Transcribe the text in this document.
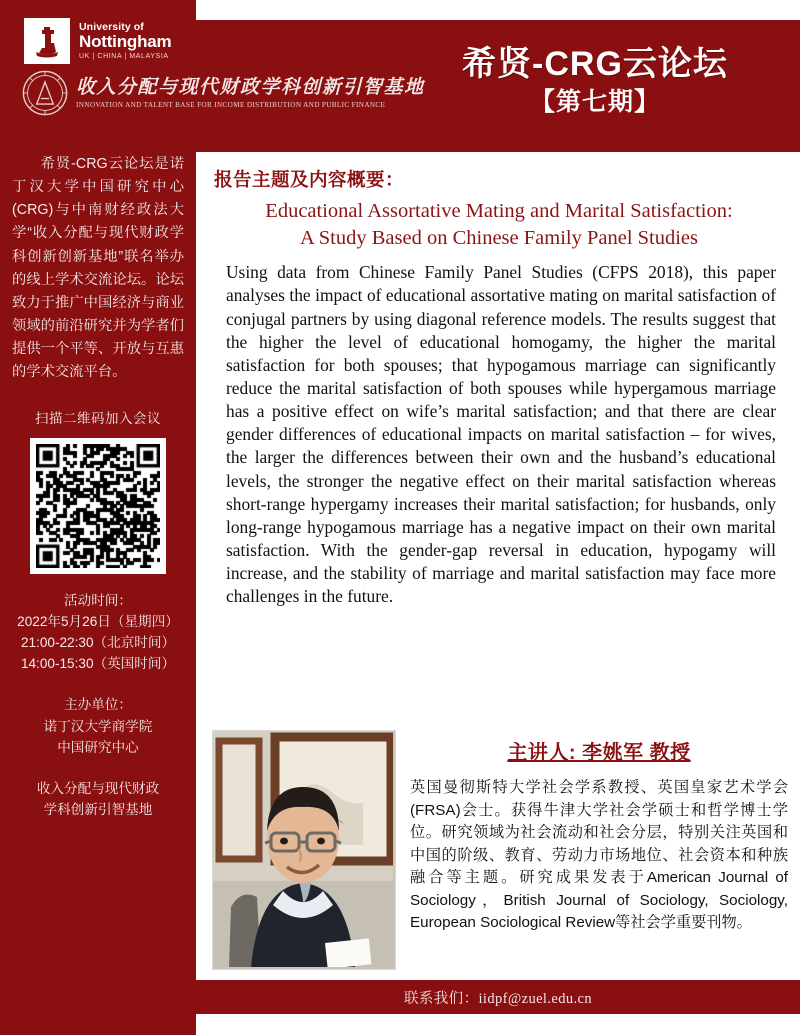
University of
Nottingham
UK | CHINA | MALAYSIA
收入分配与现代财政学科创新引智基地
INNOVATION AND TALENT BASE FOR INCOME DISTRIBUTION AND PUBLIC FINANCE
希贤-CRG云论坛
【第七期】
希贤-CRG云论坛是诺丁汉大学中国研究中心(CRG)与中南财经政法大学“收入分配与现代财政学科创新创新基地”联名举办的线上学术交流论坛。论坛致力于推广中国经济与商业领域的前沿研究并为学者们提供一个平等、开放与互惠的学术交流平台。
扫描二维码加入会议
活动时间：
2022年5月26日（星期四）
21:00-22:30（北京时间）
14:00-15:30（英国时间）
主办单位：
诺丁汉大学商学院
中国研究中心
收入分配与现代财政
学科创新引智基地
报告主题及内容概要：
Educational Assortative Mating and Marital Satisfaction:
A Study Based on Chinese Family Panel Studies
Using data from Chinese Family Panel Studies (CFPS 2018), this paper analyses the impact of educational assortative mating on marital satisfaction of conjugal partners by using diagonal reference models. The results suggest that the higher the level of educational homogamy, the higher the marital satisfaction for both spouses; that hypogamous marriage can significantly reduce the marital satisfaction of both spouses while hypergamous marriage has a positive effect on wife’s marital satisfaction; and that there are clear gender differences of educational impacts on marital satisfaction – for wives, the larger the differences between their own and the husband’s educational levels, the stronger the negative effect on their marital satisfaction whereas short-range hypergamy increases their marital satisfaction; for husbands, only long-range hypogamous marriage has a negative impact on their own marital satisfaction. With the gender-gap reversal in education, hypogamy will increase, and the stability of marriage and marital satisfaction may face more challenges in the future.
主讲人: 李姚军 教授
英国曼彻斯特大学社会学系教授、英国皇家艺术学会(FRSA)会士。获得牛津大学社会学硕士和哲学博士学位。研究领域为社会流动和社会分层，特别关注英国和中国的阶级、教育、劳动力市场地位、社会资本和种族融合等主题。研究成果发表于American Journal of Sociology，British Journal of Sociology, Sociology, European Sociological Review等社会学重要刊物。
联系我们：iidpf@zuel.edu.cn
